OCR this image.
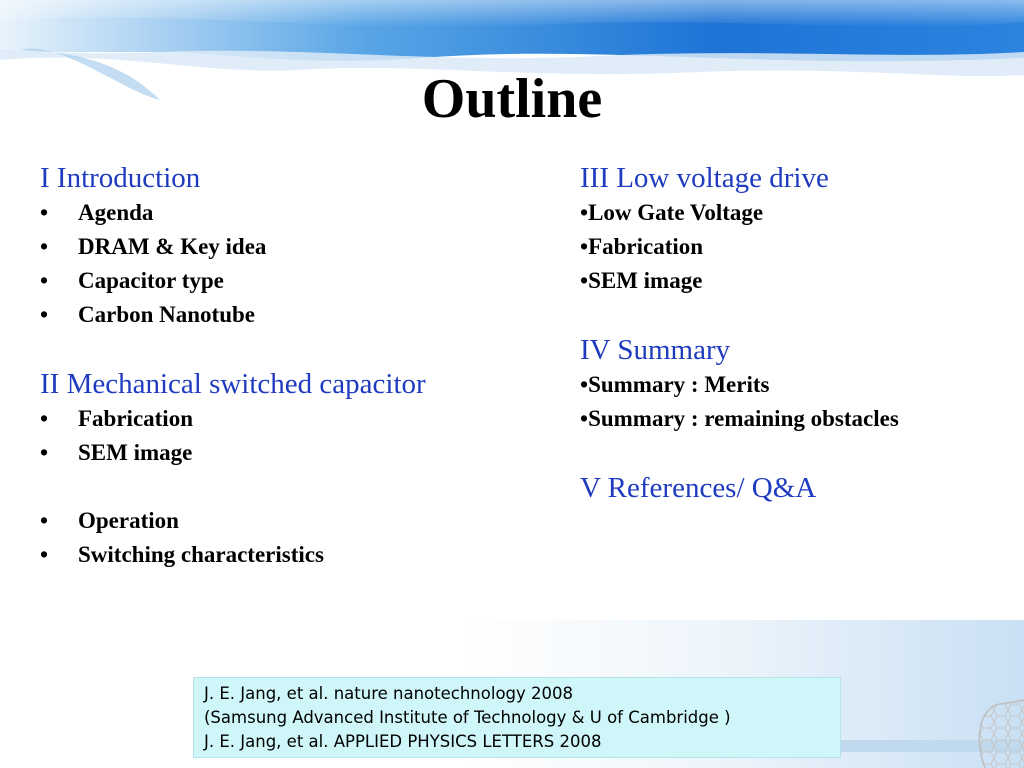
Outline
I Introduction
• Agenda
• DRAM & Key idea
• Capacitor type
• Carbon Nanotube
II Mechanical switched capacitor
• Fabrication
• SEM image
• Operation
• Switching characteristics
III Low voltage drive
•Low Gate Voltage
•Fabrication
•SEM image
IV Summary
•Summary : Merits
•Summary : remaining obstacles
V References/ Q&A
J. E. Jang, et al. nature nanotechnology 2008
(Samsung Advanced Institute of Technology & U of Cambridge )
J. E. Jang, et al. APPLIED PHYSICS LETTERS 2008
